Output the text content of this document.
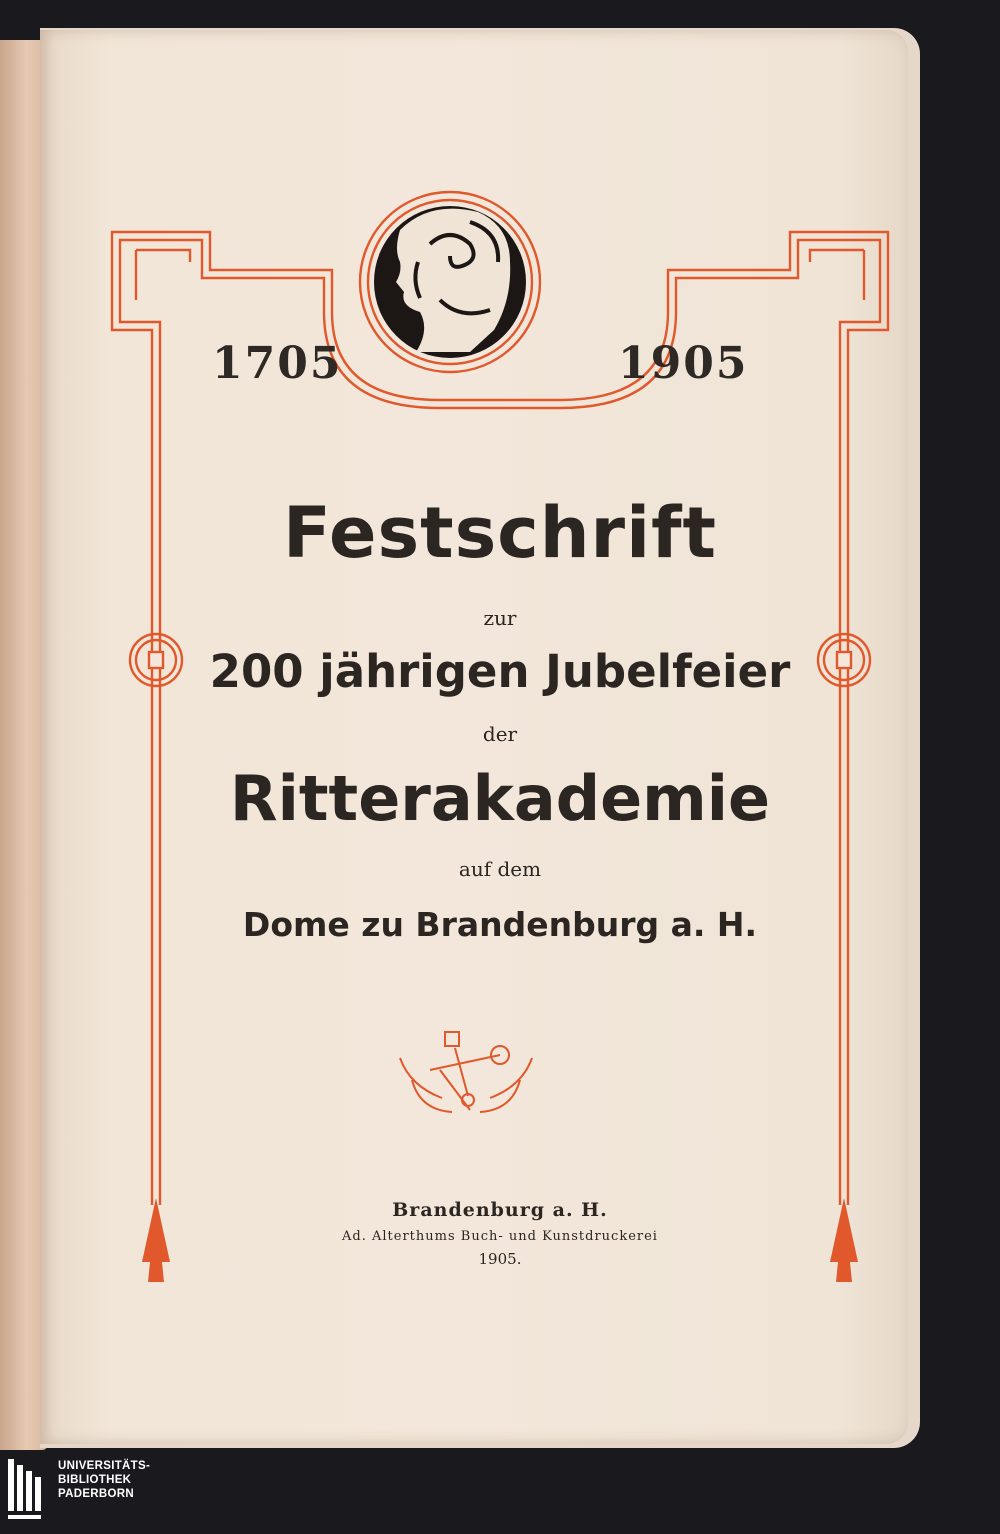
1705	1905
Festschrift
zur
200 jährigen Jubelfeier
der
Ritterakademie
auf dem
Dome zu Brandenburg a. H.
Brandenburg a. H.
Ad. Alterthums Buch- und Kunstdruckerei
1905.
UNIVERSITÄTS-
BIBLIOTHEK
PADERBORN
